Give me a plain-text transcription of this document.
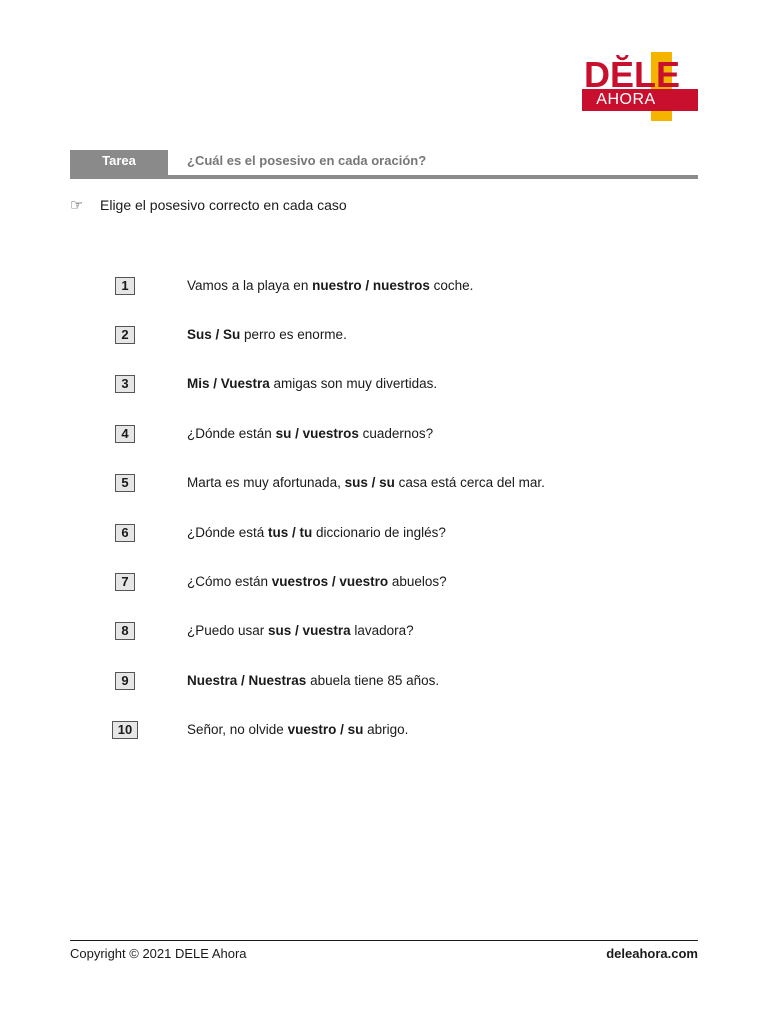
DĔLE
AHORA
Tarea	¿Cuál es el posesivo en cada oración?
☞ Elige el posesivo correcto en cada caso
1	Vamos a la playa en nuestro / nuestros coche.
2	Sus / Su perro es enorme.
3	Mis / Vuestra amigas son muy divertidas.
4	¿Dónde están su / vuestros cuadernos?
5	Marta es muy afortunada, sus / su casa está cerca del mar.
6	¿Dónde está tus / tu diccionario de inglés?
7	¿Cómo están vuestros / vuestro abuelos?
8	¿Puedo usar sus / vuestra lavadora?
9	Nuestra / Nuestras abuela tiene 85 años.
10	Señor, no olvide vuestro / su abrigo.
Copyright © 2021 DELE Ahora	deleahora.com
